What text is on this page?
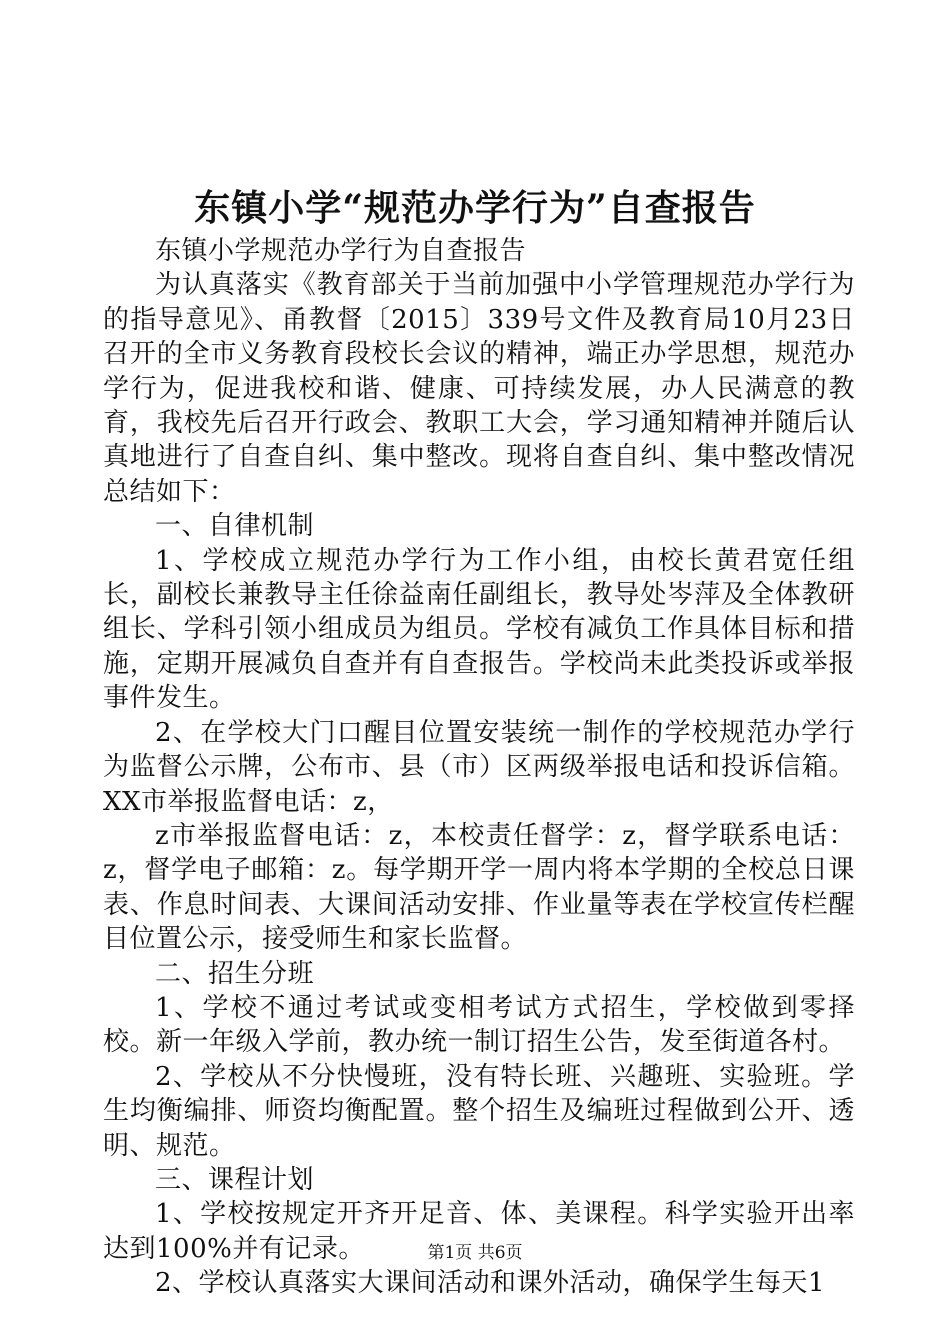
东镇小学“规范办学行为”自查报告

东镇小学规范办学行为自查报告

为认真落实《教育部关于当前加强中小学管理规范办学行为的指导意见》、甬教督〔2015〕339号文件及教育局10月23日召开的全市义务教育段校长会议的精神，端正办学思想，规范办学行为，促进我校和谐、健康、可持续发展，办人民满意的教育，我校先后召开行政会、教职工大会，学习通知精神并随后认真地进行了自查自纠、集中整改。现将自查自纠、集中整改情况总结如下：

一、自律机制

1、学校成立规范办学行为工作小组，由校长黄君宽任组长，副校长兼教导主任徐益南任副组长，教导处岑萍及全体教研组长、学科引领小组成员为组员。学校有减负工作具体目标和措施，定期开展减负自查并有自查报告。学校尚未此类投诉或举报事件发生。

2、在学校大门口醒目位置安装统一制作的学校规范办学行为监督公示牌，公布市、县（市）区两级举报电话和投诉信箱。XX市举报监督电话：z，

z市举报监督电话：z，本校责任督学：z，督学联系电话：z，督学电子邮箱：z。每学期开学一周内将本学期的全校总日课表、作息时间表、大课间活动安排、作业量等表在学校宣传栏醒目位置公示，接受师生和家长监督。

二、招生分班

1、学校不通过考试或变相考试方式招生，学校做到零择校。新一年级入学前，教办统一制订招生公告，发至街道各村。

2、学校从不分快慢班，没有特长班、兴趣班、实验班。学生均衡编排、师资均衡配置。整个招生及编班过程做到公开、透明、规范。

三、课程计划

1、学校按规定开齐开足音、体、美课程。科学实验开出率达到100%并有记录。

2、学校认真落实大课间活动和课外活动，确保学生每天1

第1页 共6页
